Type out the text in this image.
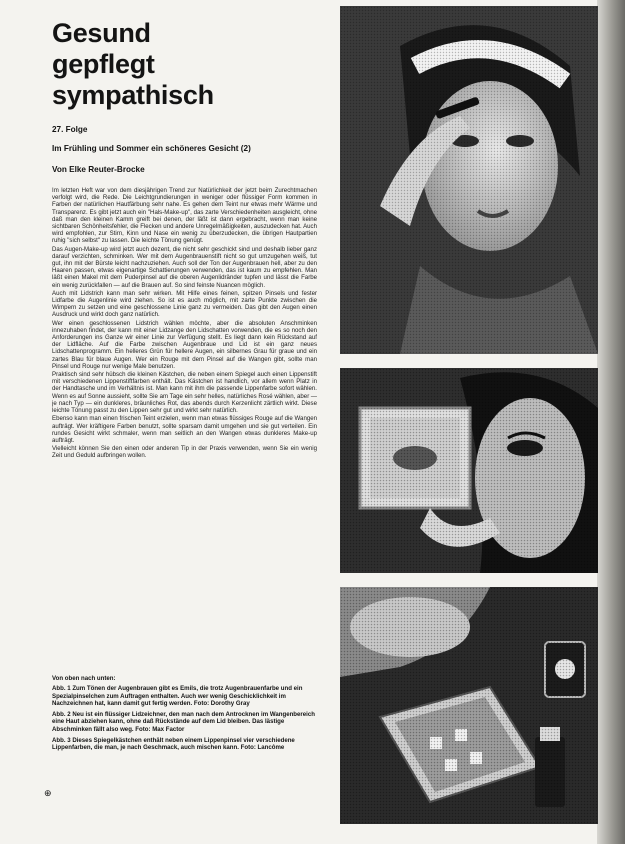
Gesund
gepflegt
sympathisch

27. Folge

Im Frühling und Sommer ein schöneres Gesicht (2)

Von Elke Reuter-Brocke

Im letzten Heft war von dem diesjährigen Trend zur Natürlichkeit der jetzt beim Zurechtmachen verfolgt wird, die Rede. Die Leichtgrundierungen in weniger oder flüssiger Form kommen in Farben der natürlichen Hautfärbung sehr nahe. Es gehen dem Teint nur etwas mehr Wärme und Transparenz. Es gibt jetzt auch ein "Hals-Make-up", das zarte Verschiedenheiten ausgleicht, ohne daß man den kleinen Kamm greift bei denen, der läßt ist dann ergebracht, wenn man keine sichtbaren Schönheitsfehler, die Flecken und andere Unregelmäßigkeiten, auszudecken hat. Auch wird empfohlen, zur Stirn, Kinn und Nase ein wenig zu überzudecken, die übrigen Hautpartien ruhig "sich selbst" zu lassen. Die leichte Tönung genügt.

Das Augen-Make-up wird jetzt auch dezent, die nicht sehr geschickt sind und deshalb lieber ganz darauf verzichten, schminken. Wer mit dem Augenbrauenstift nicht so gut umzugehen weiß, tut gut, ihn mit der Bürste leicht nachzuziehen. Auch soll der Ton der Augenbrauen hell, aber zu den Haaren passen, etwas eigenartige Schattierungen verwenden, das ist kaum zu empfehlen. Man läßt einen Makel mit dem Puderpinsel auf die oberen Augenlidränder tupfen und lässt die Farbe ein wenig zurückfallen — auf die Brauen auf. So sind feinste Nuancen möglich.

Auch mit Lidstrich kann man sehr wirken. Mit Hilfe eines feinen, spitzen Pinsels und fester Lidfarbe die Augenlinie wird ziehen. So ist es auch möglich, mit zarte Punkte zwischen die Wimpern zu setzen und eine geschlossene Linie ganz zu vermeiden. Das gibt den Augen einen Ausdruck und wirkt doch ganz natürlich.

Wer einen geschlossenen Lidstrich wählen möchte, aber die absoluten Anschminken innezuhaben findet, der kann mit einer Lidzange den Lidschatten vorwenden, die es so noch den Anforderungen ins Ganze wir einer Linie zur Verfügung stellt. Es liegt dann kein Rückstand auf der Lidfläche. Auf die Farbe zwischen Augenbraue und Lid ist ein ganz neues Lidschattenprogramm. Ein helleres Grün für hellere Augen, ein silbernes Grau für graue und ein zartes Blau für blaue Augen. Wer ein Rouge mit dem Pinsel auf die Wangen gibt, sollte man Pinsel und Rouge nur wenige Male benutzen.

Praktisch sind sehr hübsch die kleinen Kästchen, die neben einem Spiegel auch einen Lippenstift mit verschiedenen Lippenstiftfarben enthält. Das Kästchen ist handlich, vor allem wenn Platz in der Handtasche und im Verhältnis ist. Man kann mit ihm die passende Lippenfarbe sofort wählen. Wenn es auf Sonne aussieht, sollte Sie am Tage ein sehr helles, natürliches Rosé wählen, aber — je nach Typ — ein dunkleres, bräunliches Rot, das abends durch Kerzenlicht zärtlich wirkt. Diese leichte Tönung passt zu den Lippen sehr gut und wirkt sehr natürlich.

Ebenso kann man einen frischen Teint erzielen, wenn man etwas flüssiges Rouge auf die Wangen aufträgt. Wer kräftigere Farben benutzt, sollte sparsam damit umgehen und sie gut verteilen. Ein rundes Gesicht wirkt schmaler, wenn man seitlich an den Wangen etwas dunkleres Make-up aufträgt.

Vielleicht können Sie den einen oder anderen Tip in der Praxis verwenden, wenn Sie ein wenig Zeit und Geduld aufbringen wollen.

Von oben nach unten:

Abb. 1 Zum Tönen der Augenbrauen gibt es Emils, die trotz Augenbrauenfarbe und ein Spezialpinselchen zum Auftragen enthalten. Auch wer wenig Geschicklichkeit im Nachzeichnen hat, kann damit gut fertig werden. Foto: Dorothy Gray

Abb. 2 Neu ist ein flüssiger Lidzeichner, den man nach dem Antrocknen im Wangenbereich eine Haut abziehen kann, ohne daß Rückstände auf dem Lid bleiben. Das lästige Abschminken fällt also weg. Foto: Max Factor

Abb. 3 Dieses Spiegelkästchen enthält neben einem Lippenpinsel vier verschiedene Lippenfarben, die man, je nach Geschmack, auch mischen kann. Foto: Lancôme

⊕
